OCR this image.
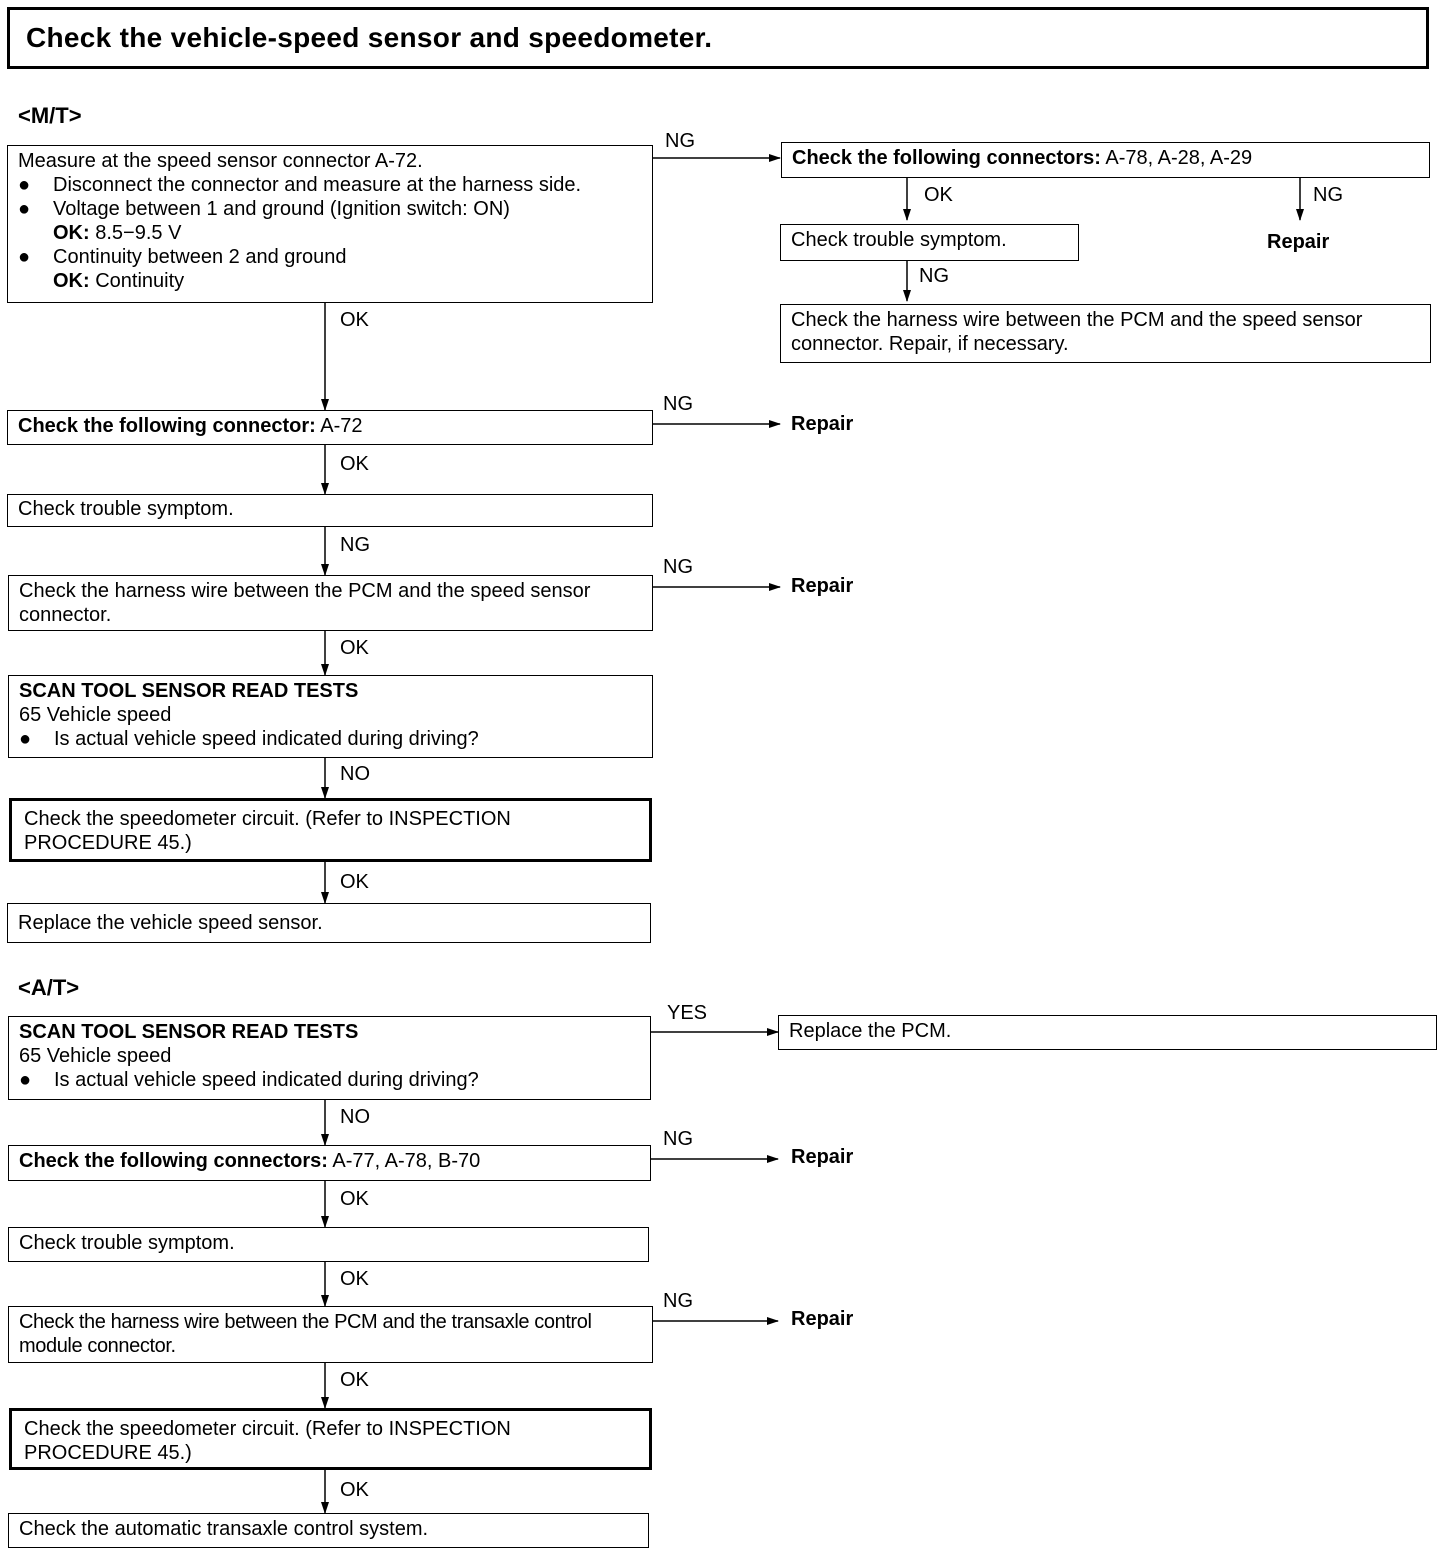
Check the vehicle-speed sensor and speedometer.
<M/T>
Measure at the speed sensor connector A-72.
● Disconnect the connector and measure at the harness side.
● Voltage between 1 and ground (Ignition switch: ON)
OK: 8.5−9.5 V
● Continuity between 2 and ground
OK: Continuity
NG
Check the following connectors: A-78, A-28, A-29
OK	NG
Check trouble symptom.	Repair
NG
Check the harness wire between the PCM and the speed sensor connector. Repair, if necessary.
OK
NG
Check the following connector: A-72	Repair
OK
Check trouble symptom.
NG
NG
Check the harness wire between the PCM and the speed sensor connector.
Repair
OK
SCAN TOOL SENSOR READ TESTS
65 Vehicle speed
● Is actual vehicle speed indicated during driving?
NO
Check the speedometer circuit. (Refer to INSPECTION PROCEDURE 45.)
OK
Replace the vehicle speed sensor.
<A/T>
YES
SCAN TOOL SENSOR READ TESTS
65 Vehicle speed
● Is actual vehicle speed indicated during driving?
Replace the PCM.
NO
NG
Check the following connectors: A-77, A-78, B-70	Repair
OK
Check trouble symptom.
OK
NG
Check the harness wire between the PCM and the transaxle control module connector.
Repair
OK
Check the speedometer circuit. (Refer to INSPECTION PROCEDURE 45.)
OK
Check the automatic transaxle control system.
